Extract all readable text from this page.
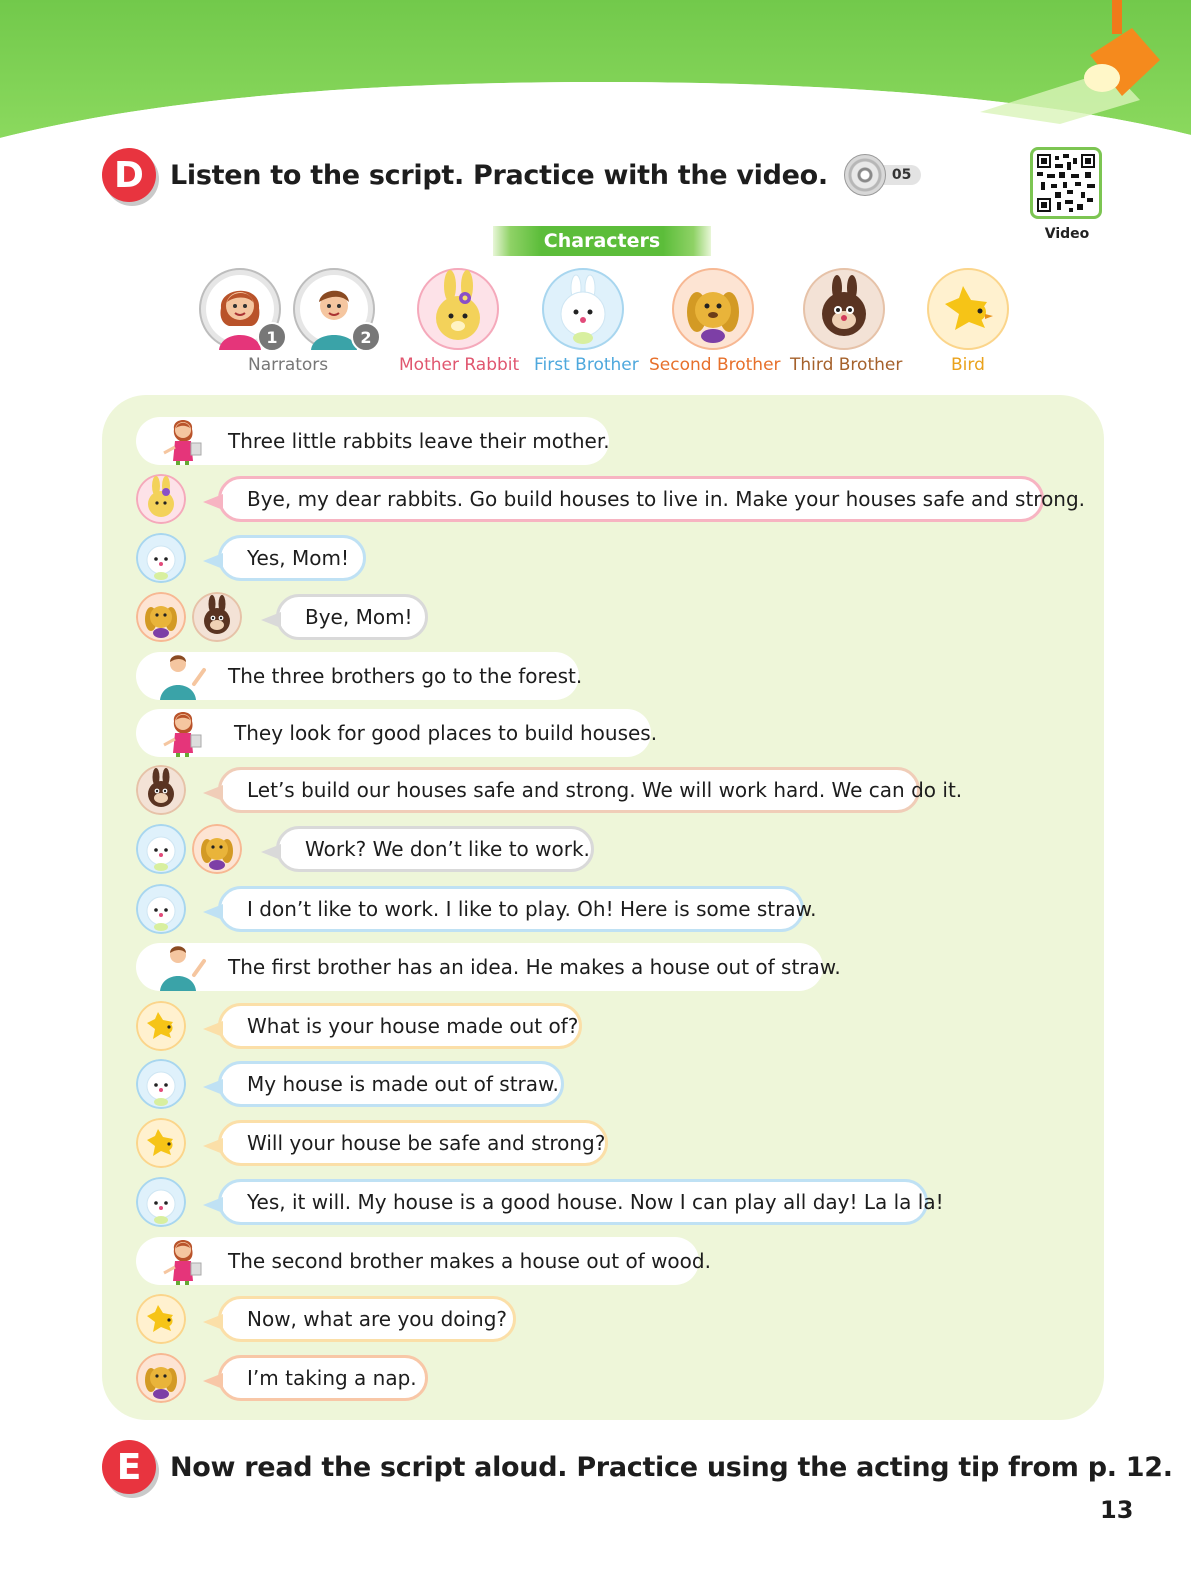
D Listen to the script. Practice with the video.	05
Video
Characters
1	2
Narrators	Mother Rabbit First Brother Second Brother Third Brother	Bird
Three little rabbits leave their mother.
Bye, my dear rabbits. Go build houses to live in. Make your houses safe and strong.
Yes, Mom!
Bye, Mom!
The three brothers go to the forest.
They look for good places to build houses.
Let’s build our houses safe and strong. We will work hard. We can do it.
Work? We don’t like to work.
I don’t like to work. I like to play. Oh! Here is some straw.
The first brother has an idea. He makes a house out of straw.
What is your house made out of?
My house is made out of straw.
Will your house be safe and strong?
Yes, it will. My house is a good house. Now I can play all day! La la la!
The second brother makes a house out of wood.
Now, what are you doing?
I’m taking a nap.
E	Now read the script aloud. Practice using the acting tip from p. 12.
13
